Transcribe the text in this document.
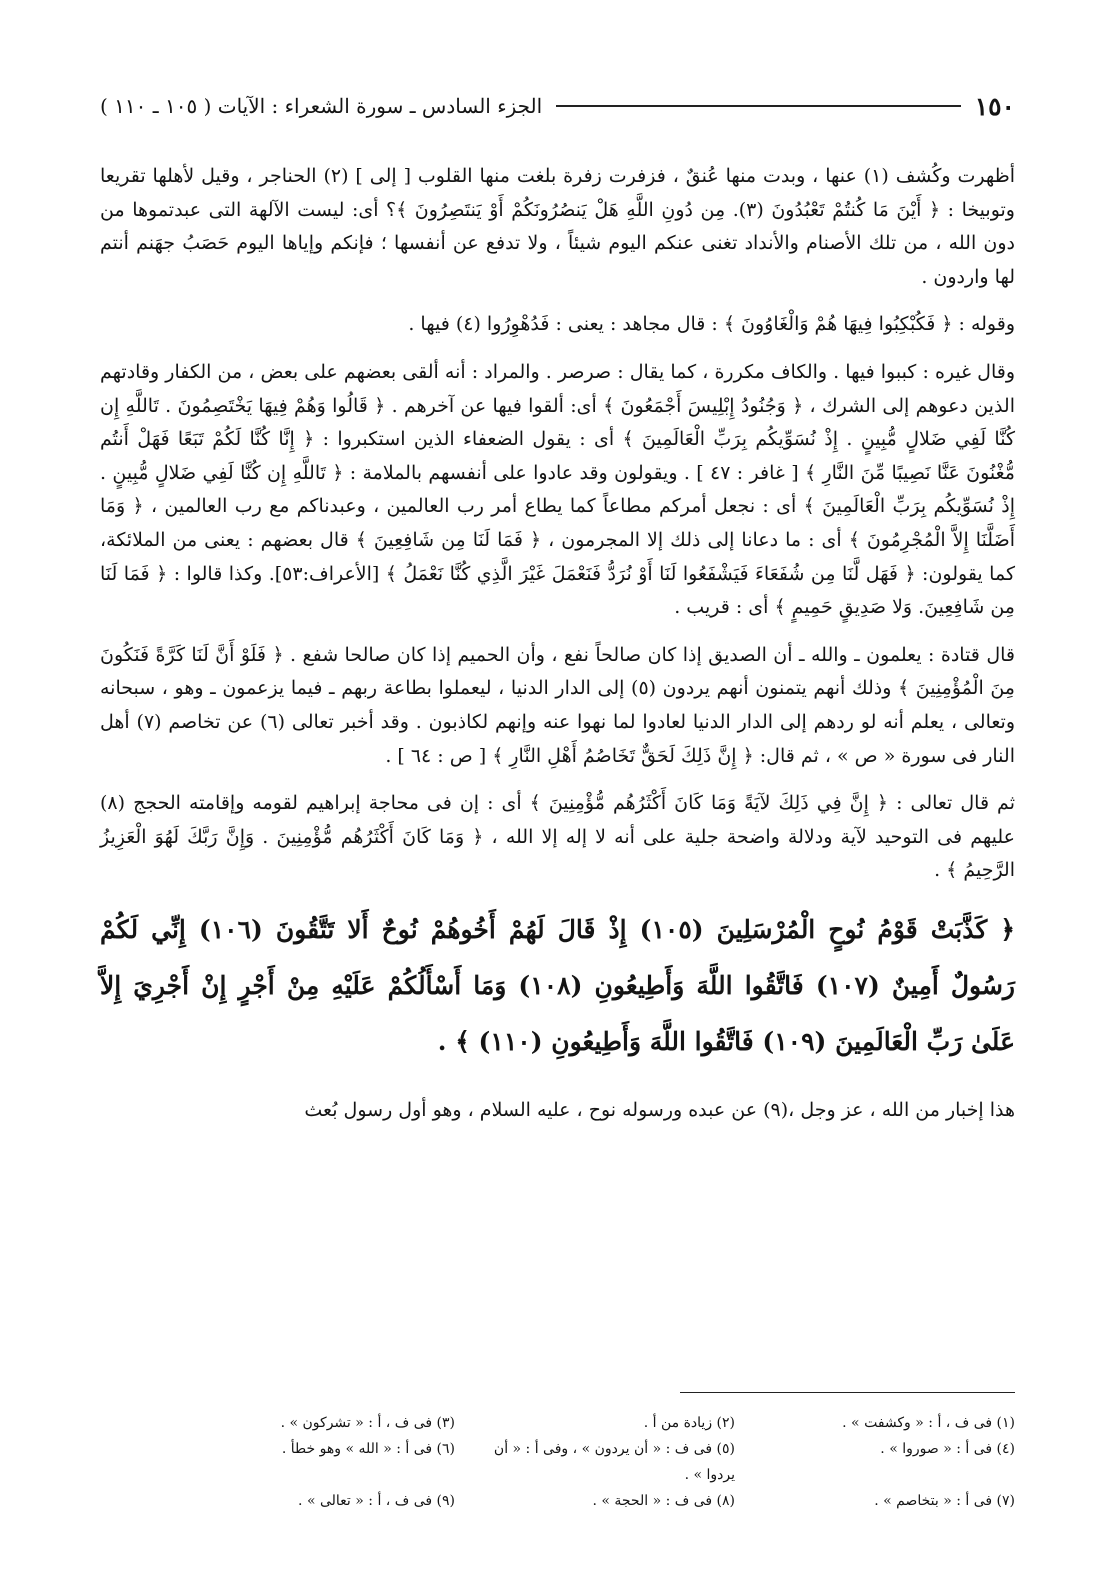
١٥٠
الجزء السادس ـ سورة الشعراء : الآيات ( ١٠٥ ـ ١١٠ )

أظهرت وكُشف (١) عنها ، وبدت منها عُنقٌ ، فزفرت زفرة بلغت منها القلوب [ إلى ] (٢) الحناجر ، وقيل لأهلها تقريعا وتوبيخا : ﴿ أَيْنَ مَا كُنتُمْ تَعْبُدُونَ (٣). مِن دُونِ اللَّهِ هَلْ يَنصُرُونَكُمْ أَوْ يَنتَصِرُونَ ﴾؟ أى: ليست الآلهة التى عبدتموها من دون الله ، من تلك الأصنام والأنداد تغنى عنكم اليوم شيئاً ، ولا تدفع عن أنفسها ؛ فإنكم وإياها اليوم حَصَبُ جهَنم أنتم لها واردون .

وقوله : ﴿ فَكُبْكِبُوا فِيهَا هُمْ وَالْغَاوُونَ ﴾ : قال مجاهد : يعنى : فَدُهْوِرُوا (٤) فيها .

وقال غيره : كببوا فيها . والكاف مكررة ، كما يقال : صرصر . والمراد : أنه ألقى بعضهم على بعض ، من الكفار وقادتهم الذين دعوهم إلى الشرك ، ﴿ وَجُنُودُ إِبْلِيسَ أَجْمَعُونَ ﴾ أى: ألقوا فيها عن آخرهم . ﴿ قَالُوا وَهُمْ فِيهَا يَخْتَصِمُونَ . تَاللَّهِ إِن كُنَّا لَفِي ضَلالٍ مُّبِينٍ . إِذْ نُسَوِّيكُم بِرَبِّ الْعَالَمِينَ ﴾ أى : يقول الضعفاء الذين استكبروا : ﴿ إِنَّا كُنَّا لَكُمْ تَبَعًا فَهَلْ أَنتُم مُّغْنُونَ عَنَّا نَصِيبًا مِّنَ النَّارِ ﴾ [ غافر : ٤٧ ] . ويقولون وقد عادوا على أنفسهم بالملامة : ﴿ تَاللَّهِ إِن كُنَّا لَفِي ضَلالٍ مُّبِينٍ . إِذْ نُسَوِّيكُم بِرَبِّ الْعَالَمِينَ ﴾ أى : نجعل أمركم مطاعاً كما يطاع أمر رب العالمين ، وعبدناكم مع رب العالمين ، ﴿ وَمَا أَضَلَّنَا إِلاَّ الْمُجْرِمُونَ ﴾ أى : ما دعانا إلى ذلك إلا المجرمون ، ﴿ فَمَا لَنَا مِن شَافِعِينَ ﴾ قال بعضهم : يعنى من الملائكة، كما يقولون: ﴿ فَهَل لَّنَا مِن شُفَعَاءَ فَيَشْفَعُوا لَنَا أَوْ نُرَدُّ فَنَعْمَلَ غَيْرَ الَّذِي كُنَّا نَعْمَلُ ﴾ [الأعراف:٥٣]. وكذا قالوا : ﴿ فَمَا لَنَا مِن شَافِعِينَ. وَلا صَدِيقٍ حَمِيمٍ ﴾ أى : قريب .

قال قتادة : يعلمون ـ والله ـ أن الصديق إذا كان صالحاً نفع ، وأن الحميم إذا كان صالحا شفع . ﴿ فَلَوْ أَنَّ لَنَا كَرَّةً فَنَكُونَ مِنَ الْمُؤْمِنِينَ ﴾ وذلك أنهم يتمنون أنهم يردون (٥) إلى الدار الدنيا ، ليعملوا بطاعة ربهم ـ فيما يزعمون ـ وهو ، سبحانه وتعالى ، يعلم أنه لو ردهم إلى الدار الدنيا لعادوا لما نهوا عنه وإنهم لكاذبون . وقد أخبر تعالى (٦) عن تخاصم (٧) أهل النار فى سورة « ص » ، ثم قال: ﴿ إِنَّ ذَلِكَ لَحَقٌّ تَخَاصُمُ أَهْلِ النَّارِ ﴾ [ ص : ٦٤ ] .

ثم قال تعالى : ﴿ إِنَّ فِي ذَلِكَ لآيَةً وَمَا كَانَ أَكْثَرُهُم مُّؤْمِنِينَ ﴾ أى : إن فى محاجة إبراهيم لقومه وإقامته الحجج (٨) عليهم فى التوحيد لآية ودلالة واضحة جلية على أنه لا إله إلا الله ، ﴿ وَمَا كَانَ أَكْثَرُهُم مُّؤْمِنِينَ . وَإِنَّ رَبَّكَ لَهُوَ الْعَزِيزُ الرَّحِيمُ ﴾ .

﴿ كَذَّبَتْ قَوْمُ نُوحٍ الْمُرْسَلِينَ (١٠٥) إِذْ قَالَ لَهُمْ أَخُوهُمْ نُوحٌ أَلا تَتَّقُونَ (١٠٦) إِنِّي لَكُمْ رَسُولٌ أَمِينٌ (١٠٧) فَاتَّقُوا اللَّهَ وَأَطِيعُونِ (١٠٨) وَمَا أَسْأَلُكُمْ عَلَيْهِ مِنْ أَجْرٍ إِنْ أَجْرِيَ إِلاَّ عَلَىٰ رَبِّ الْعَالَمِينَ (١٠٩) فَاتَّقُوا اللَّهَ وَأَطِيعُونِ (١١٠) ﴾ .

هذا إخبار من الله ، عز وجل ،(٩) عن عبده ورسوله نوح ، عليه السلام ، وهو أول رسول بُعث

(١) فى ف ، أ : « وكشفت » .
(٢) زيادة من أ .
(٣) فى ف ، أ : « تشركون » .
(٤) فى أ : « صوروا » .
(٥) فى ف : « أن يردون » ، وفى أ : « أن يردوا » .
(٦) فى أ : « الله » وهو خطأ .
(٧) فى أ : « بتخاصم » .
(٨) فى ف : « الحجة » .
(٩) فى ف ، أ : « تعالى » .
